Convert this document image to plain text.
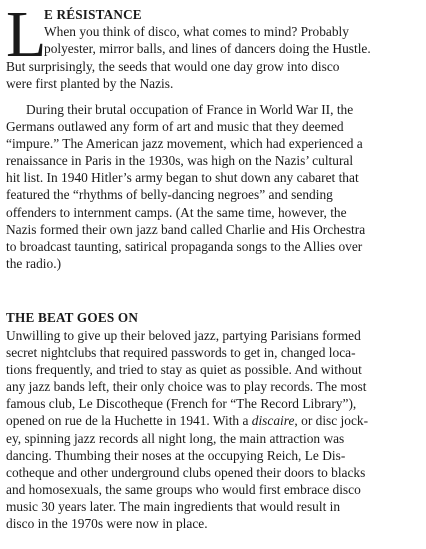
L
E RÉSISTANCE
When you think of disco, what comes to mind? Probably
polyester, mirror balls, and lines of dancers doing the Hustle.
But surprisingly, the seeds that would one day grow into disco
were first planted by the Nazis.
During their brutal occupation of France in World War II, the
Germans outlawed any form of art and music that they deemed
“impure.” The American jazz movement, which had experienced a
renaissance in Paris in the 1930s, was high on the Nazis’ cultural
hit list. In 1940 Hitler’s army began to shut down any cabaret that
featured the “rhythms of belly-dancing negroes” and sending
offenders to internment camps. (At the same time, however, the
Nazis formed their own jazz band called Charlie and His Orchestra
to broadcast taunting, satirical propaganda songs to the Allies over
the radio.)
THE BEAT GOES ON
Unwilling to give up their beloved jazz, partying Parisians formed
secret nightclubs that required passwords to get in, changed loca-
tions frequently, and tried to stay as quiet as possible. And without
any jazz bands left, their only choice was to play records. The most
famous club, Le Discotheque (French for “The Record Library”),
opened on rue de la Huchette in 1941. With a discaire, or disc jock-
ey, spinning jazz records all night long, the main attraction was
dancing. Thumbing their noses at the occupying Reich, Le Dis-
cotheque and other underground clubs opened their doors to blacks
and homosexuals, the same groups who would first embrace disco
music 30 years later. The main ingredients that would result in
disco in the 1970s were now in place.
